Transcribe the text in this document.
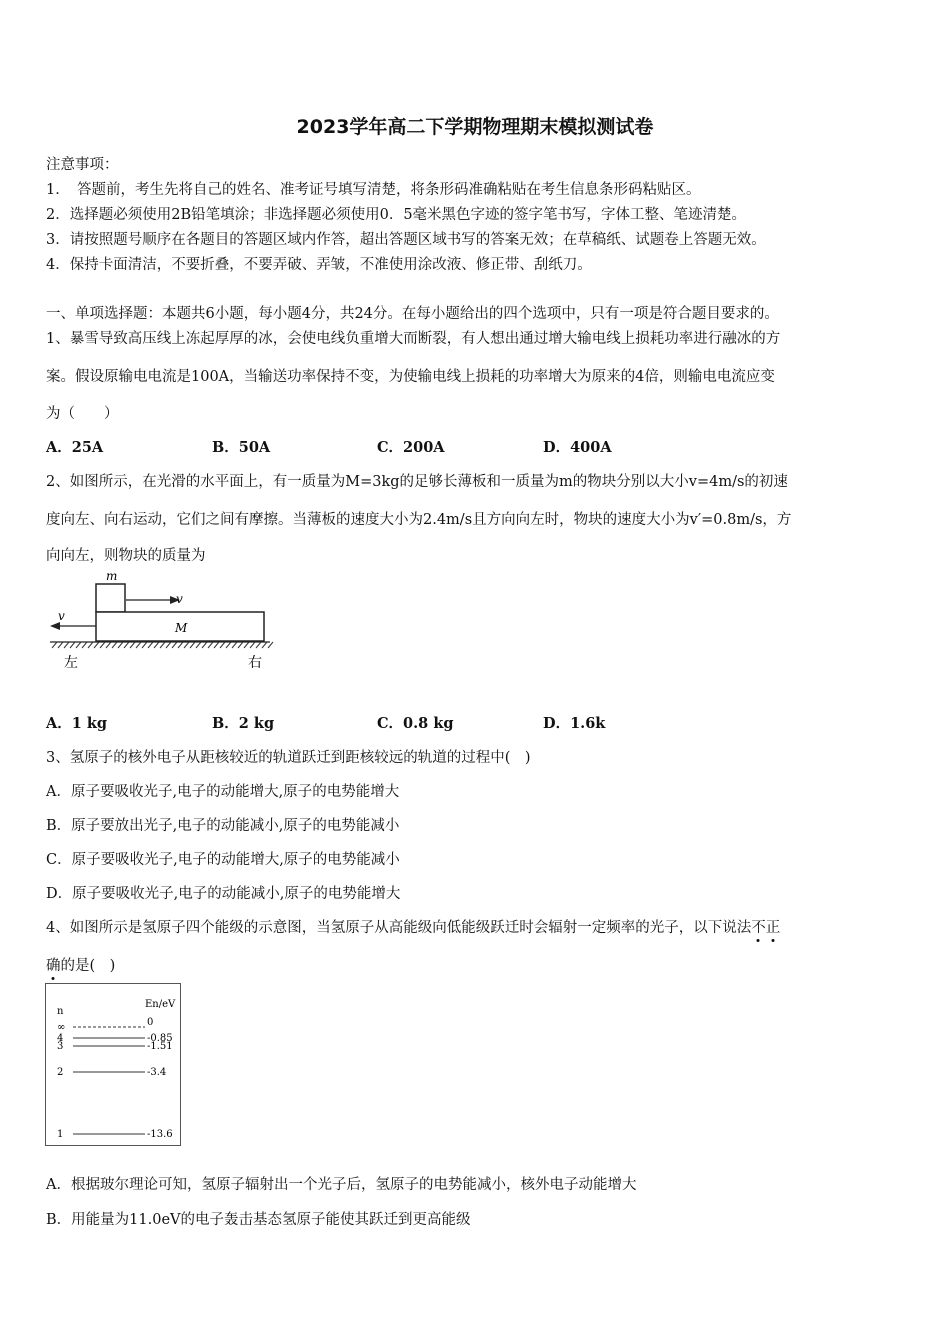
2023学年高二下学期物理期末模拟测试卷
注意事项：
1．　答题前，考生先将自己的姓名、准考证号填写清楚，将条形码准确粘贴在考生信息条形码粘贴区。
2．选择题必须使用2B铅笔填涂；非选择题必须使用0．5毫米黑色字迹的签字笔书写，字体工整、笔迹清楚。
3．请按照题号顺序在各题目的答题区域内作答，超出答题区域书写的答案无效；在草稿纸、试题卷上答题无效。
4．保持卡面清洁，不要折叠，不要弄破、弄皱，不准使用涂改液、修正带、刮纸刀。
一、单项选择题：本题共6小题，每小题4分，共24分。在每小题给出的四个选项中，只有一项是符合题目要求的。
1、暴雪导致高压线上冻起厚厚的冰，会使电线负重增大而断裂，有人想出通过增大输电线上损耗功率进行融冰的方
案。假设原输电电流是100A，当输送功率保持不变，为使输电线上损耗的功率增大为原来的4倍，则输电电流应变
为（　　）
A．25A	B．50A	C．200A	D．400A
2、如图所示，在光滑的水平面上，有一质量为M=3kg的足够长薄板和一质量为m的物块分别以大小v=4m/s的初速
度向左、向右运动，它们之间有摩擦。当薄板的速度大小为2.4m/s且方向向左时，物块的速度大小为v′=0.8m/s，方
向向左，则物块的质量为
m
M
v
v
左	右
A．1 kg	B．2 kg	C．0.8 kg	D．1.6k
3、氢原子的核外电子从距核较近的轨道跃迁到距核较远的轨道的过程中(　)
A．原子要吸收光子,电子的动能增大,原子的电势能增大
B．原子要放出光子,电子的动能减小,原子的电势能减小
C．原子要吸收光子,电子的动能增大,原子的电势能减小
D．原子要吸收光子,电子的动能减小,原子的电势能增大
4、如图所示是氢原子四个能级的示意图，当氢原子从高能级向低能级跃迁时会辐射一定频率的光子，以下说法不正
确的是(　)
n
En/eV
∞	0
4	-0.85
3	-1.51
2	-3.4
1	-13.6
A．根据玻尔理论可知，氢原子辐射出一个光子后，氢原子的电势能减小，核外电子动能增大
B．用能量为11.0eV的电子轰击基态氢原子能使其跃迁到更高能级
